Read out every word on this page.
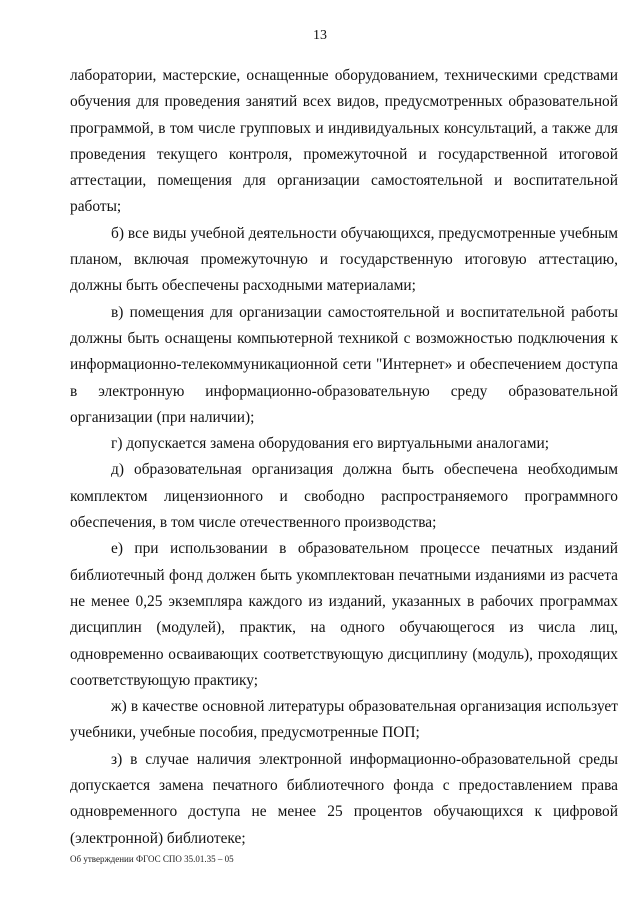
13

лаборатории, мастерские, оснащенные оборудованием, техническими средствами обучения для проведения занятий всех видов, предусмотренных образовательной программой, в том числе групповых и индивидуальных консультаций, а также для проведения текущего контроля, промежуточной и государственной итоговой аттестации, помещения для организации самостоятельной и воспитательной работы;

б) все виды учебной деятельности обучающихся, предусмотренные учебным планом, включая промежуточную и государственную итоговую аттестацию, должны быть обеспечены расходными материалами;

в) помещения для организации самостоятельной и воспитательной работы должны быть оснащены компьютерной техникой с возможностью подключения к информационно-телекоммуникационной сети "Интернет» и обеспечением доступа в электронную информационно-образовательную среду образовательной организации (при наличии);

г) допускается замена оборудования его виртуальными аналогами;

д) образовательная организация должна быть обеспечена необходимым комплектом лицензионного и свободно распространяемого программного обеспечения, в том числе отечественного производства;

е) при использовании в образовательном процессе печатных изданий библиотечный фонд должен быть укомплектован печатными изданиями из расчета не менее 0,25 экземпляра каждого из изданий, указанных в рабочих программах дисциплин (модулей), практик, на одного обучающегося из числа лиц, одновременно осваивающих соответствующую дисциплину (модуль), проходящих соответствующую практику;

ж) в качестве основной литературы образовательная организация использует учебники, учебные пособия, предусмотренные ПОП;

з) в случае наличия электронной информационно-образовательной среды допускается замена печатного библиотечного фонда с предоставлением права одновременного доступа не менее 25 процентов обучающихся к цифровой (электронной) библиотеке;

Об утверждении ФГОС СПО 35.01.35 – 05
